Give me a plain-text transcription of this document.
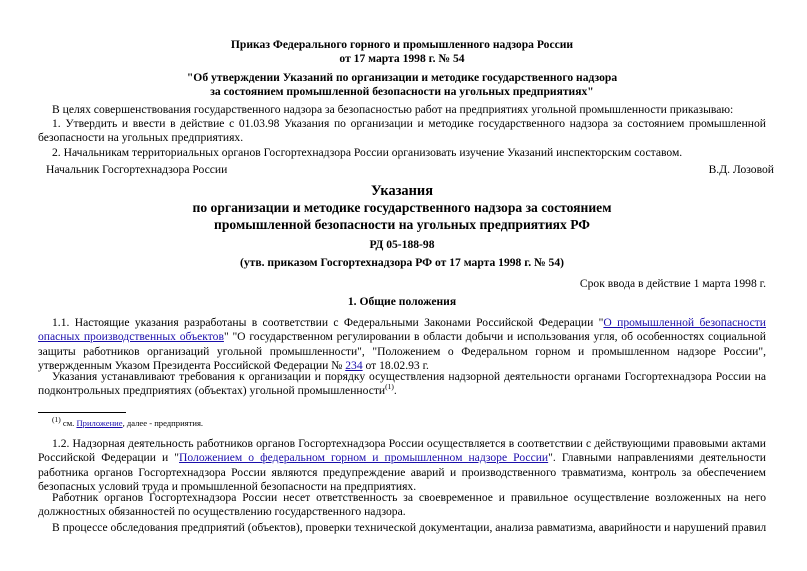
Приказ Федерального горного и промышленного надзора России
от 17 марта 1998 г. № 54
"Об утверждении Указаний по организации и методике государственного надзора
за состоянием промышленной безопасности на угольных предприятиях"
В целях совершенствования государственного надзора за безопасностью работ на предприятиях угольной промышленности приказываю:
1. Утвердить и ввести в действие с 01.03.98 Указания по организации и методике государственного надзора за состоянием промышленной безопасности на угольных предприятиях.
2. Начальникам территориальных органов Госгортехнадзора России организовать изучение Указаний инспекторским составом.
Начальник Госгортехнадзора России	В.Д. Лозовой
Указания
по организации и методике государственного надзора за состоянием
промышленной безопасности на угольных предприятиях РФ
РД 05-188-98
(утв. приказом Госгортехнадзора РФ от 17 марта 1998 г. № 54)
Срок ввода в действие 1 марта 1998 г.
1. Общие положения
1.1. Настоящие указания разработаны в соответствии с Федеральными Законами Российской Федерации "О промышленной безопасности опасных производственных объектов" "О государственном регулировании в области добычи и использования угля, об особенностях социальной защиты работников организаций угольной промышленности", "Положением о Федеральном горном и промышленном надзоре России", утвержденным Указом Президента Российской Федерации № 234 от 18.02.93 г.
Указания устанавливают требования к организации и порядку осуществления надзорной деятельности органами Госгортехнадзора России на подконтрольных предприятиях (объектах) угольной промышленности$^{(1)}$.
$^{(1)}$ см. Приложение, далее - предприятия.
1.2. Надзорная деятельность работников органов Госгортехнадзора России осуществляется в соответствии с действующими правовыми актами Российской Федерации и "Положением о федеральном горном и промышленном надзоре России". Главными направлениями деятельности работника органов Госгортехнадзора России являются предупреждение аварий и производственного травматизма, контроль за обеспечением безопасных условий труда и промышленной безопасности на предприятиях.
Работник органов Госгортехнадзора России несет ответственность за своевременное и правильное осуществление возложенных на него должностных обязанностей по осуществлению государственного надзора.
В процессе обследования предприятий (объектов), проверки технической документации, анализа равматизма, аварийности и нарушений правил
